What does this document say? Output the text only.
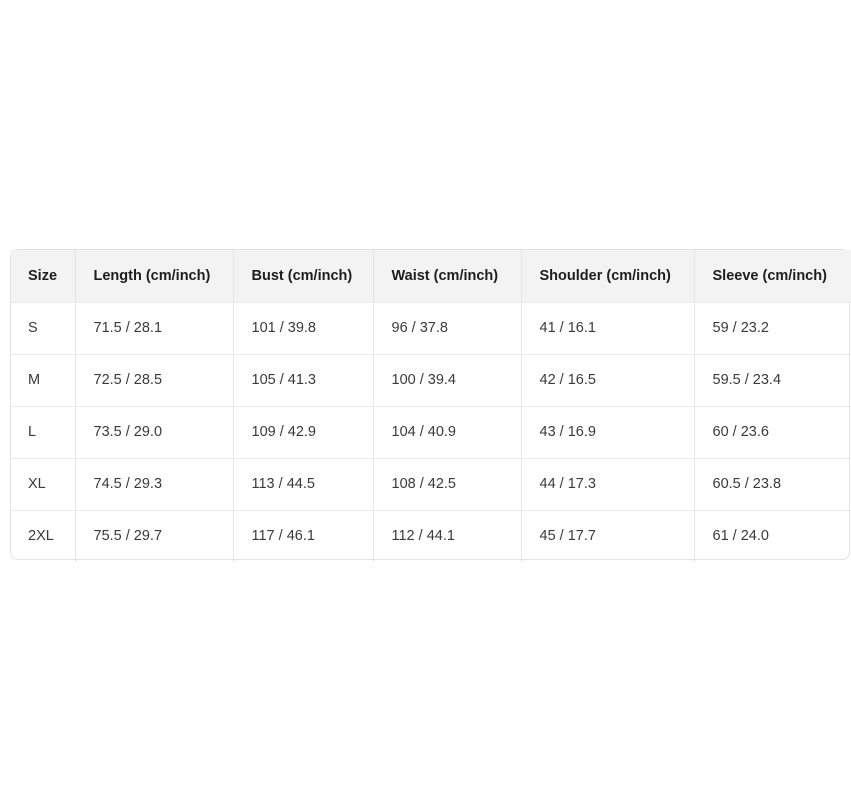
Size	Length (cm/inch)	Bust (cm/inch)	Waist (cm/inch)	Shoulder (cm/inch)	Sleeve (cm/inch)
S	71.5 / 28.1	101 / 39.8	96 / 37.8	41 / 16.1	59 / 23.2
M	72.5 / 28.5	105 / 41.3	100 / 39.4	42 / 16.5	59.5 / 23.4
L	73.5 / 29.0	109 / 42.9	104 / 40.9	43 / 16.9	60 / 23.6
XL	74.5 / 29.3	113 / 44.5	108 / 42.5	44 / 17.3	60.5 / 23.8
2XL	75.5 / 29.7	117 / 46.1	112 / 44.1	45 / 17.7	61 / 24.0
